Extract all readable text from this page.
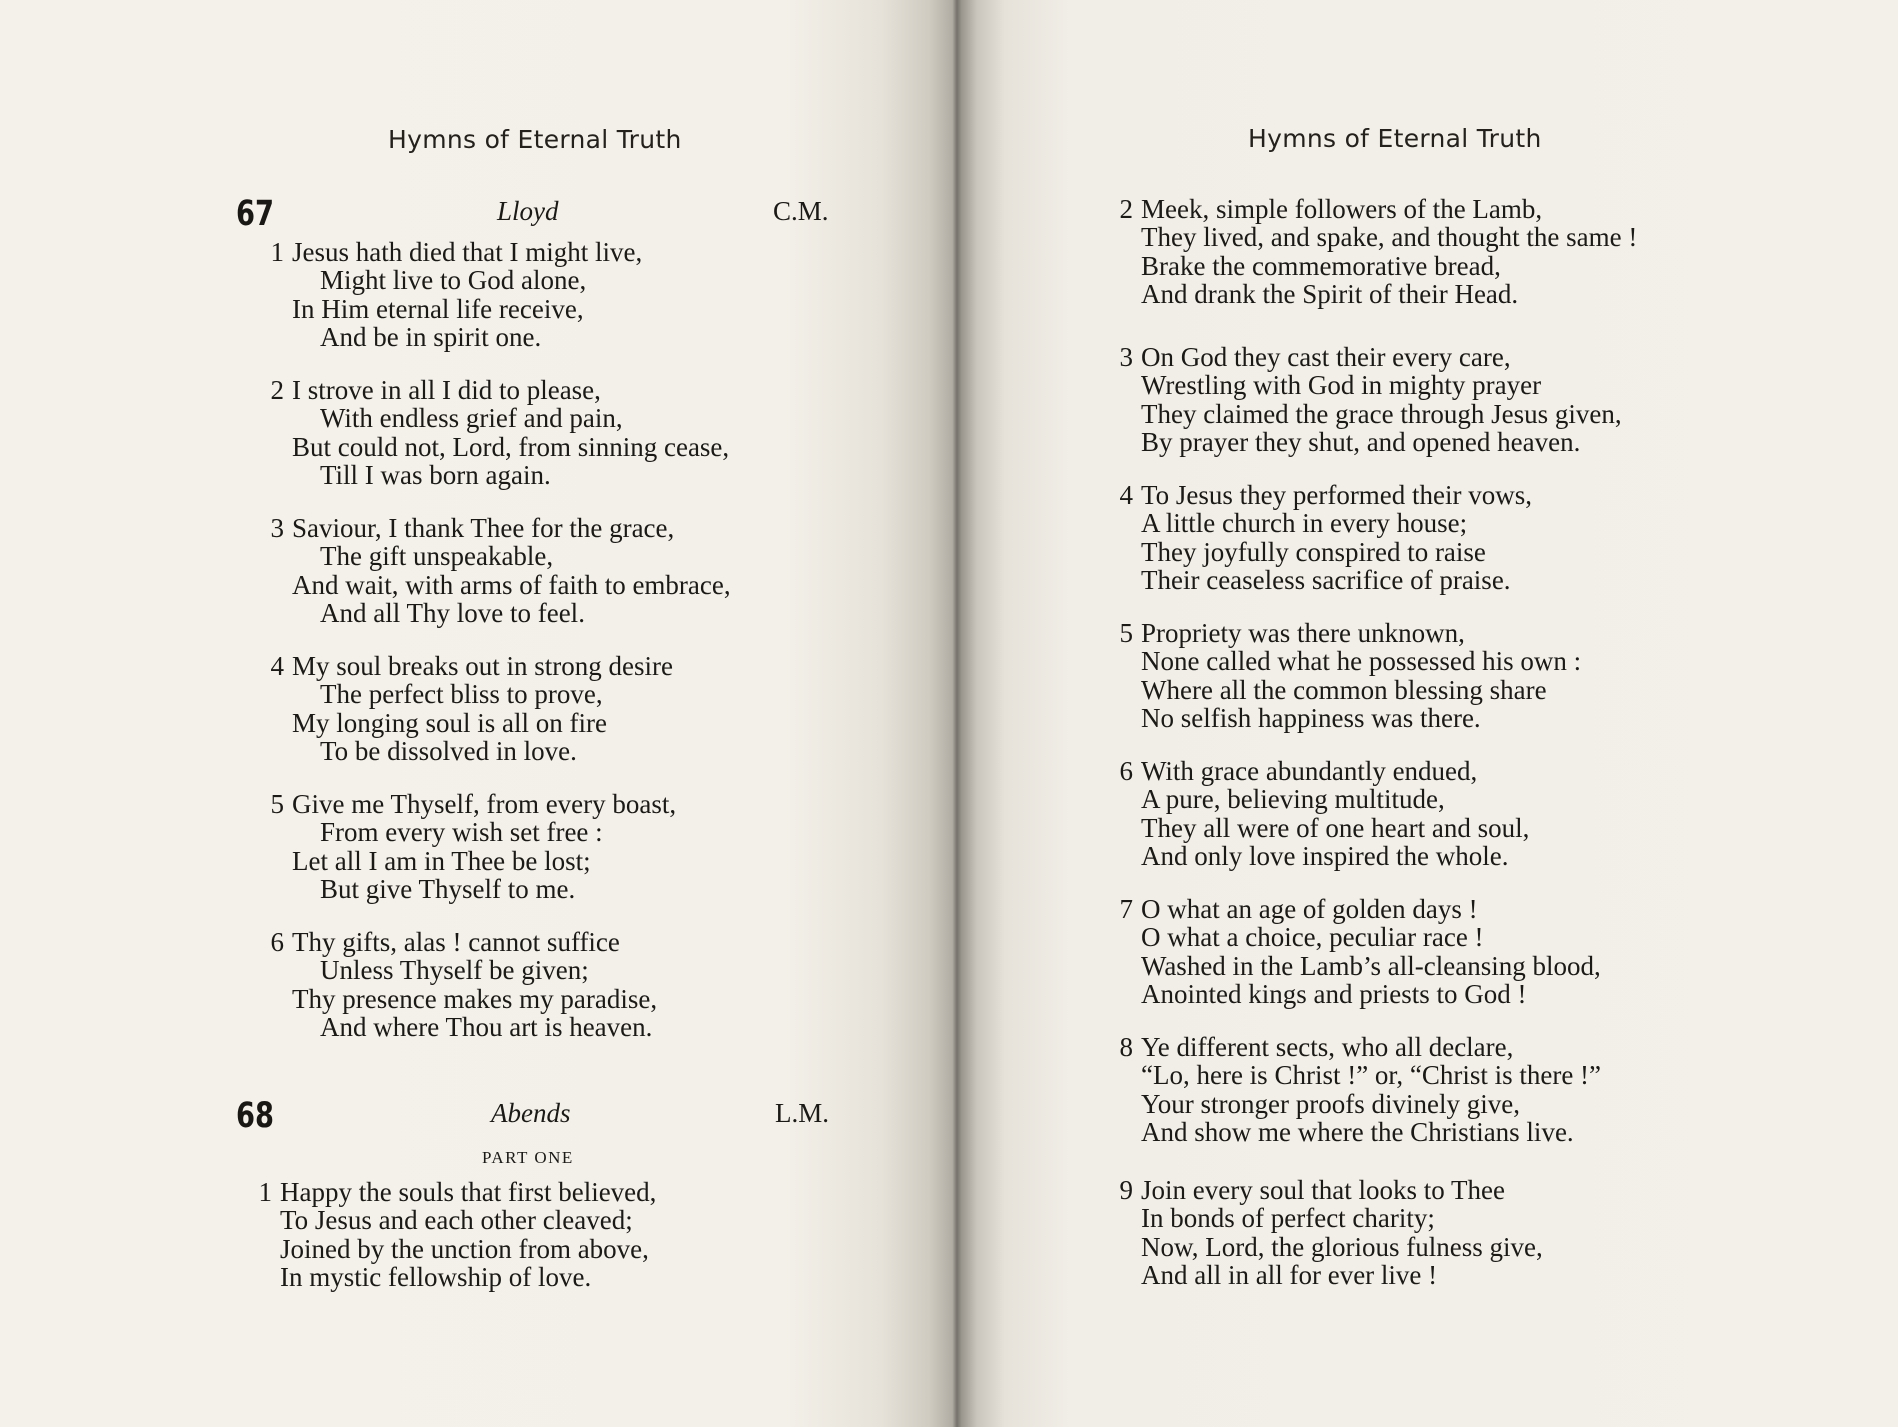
Hymns of Eternal Truth
67	Lloyd	C.M.
1 Jesus hath died that I might live,
Might live to God alone,
In Him eternal life receive,
And be in spirit one.
2 I strove in all I did to please,
With endless grief and pain,
But could not, Lord, from sinning cease,
Till I was born again.
3 Saviour, I thank Thee for the grace,
The gift unspeakable,
And wait, with arms of faith to embrace,
And all Thy love to feel.
4 My soul breaks out in strong desire
The perfect bliss to prove,
My longing soul is all on fire
To be dissolved in love.
5 Give me Thyself, from every boast,
From every wish set free :
Let all I am in Thee be lost;
But give Thyself to me.
6 Thy gifts, alas ! cannot suffice
Unless Thyself be given;
Thy presence makes my paradise,
And where Thou art is heaven.
68	Abends	L.M.
PART ONE
1 Happy the souls that first believed,
To Jesus and each other cleaved;
Joined by the unction from above,
In mystic fellowship of love.
Hymns of Eternal Truth
2 Meek, simple followers of the Lamb,
They lived, and spake, and thought the same !
Brake the commemorative bread,
And drank the Spirit of their Head.
3 On God they cast their every care,
Wrestling with God in mighty prayer
They claimed the grace through Jesus given,
By prayer they shut, and opened heaven.
4 To Jesus they performed their vows,
A little church in every house;
They joyfully conspired to raise
Their ceaseless sacrifice of praise.
5 Propriety was there unknown,
None called what he possessed his own :
Where all the common blessing share
No selfish happiness was there.
6 With grace abundantly endued,
A pure, believing multitude,
They all were of one heart and soul,
And only love inspired the whole.
7 O what an age of golden days !
O what a choice, peculiar race !
Washed in the Lamb’s all-cleansing blood,
Anointed kings and priests to God !
8 Ye different sects, who all declare,
“Lo, here is Christ !” or, “Christ is there !”
Your stronger proofs divinely give,
And show me where the Christians live.
9 Join every soul that looks to Thee
In bonds of perfect charity;
Now, Lord, the glorious fulness give,
And all in all for ever live !
